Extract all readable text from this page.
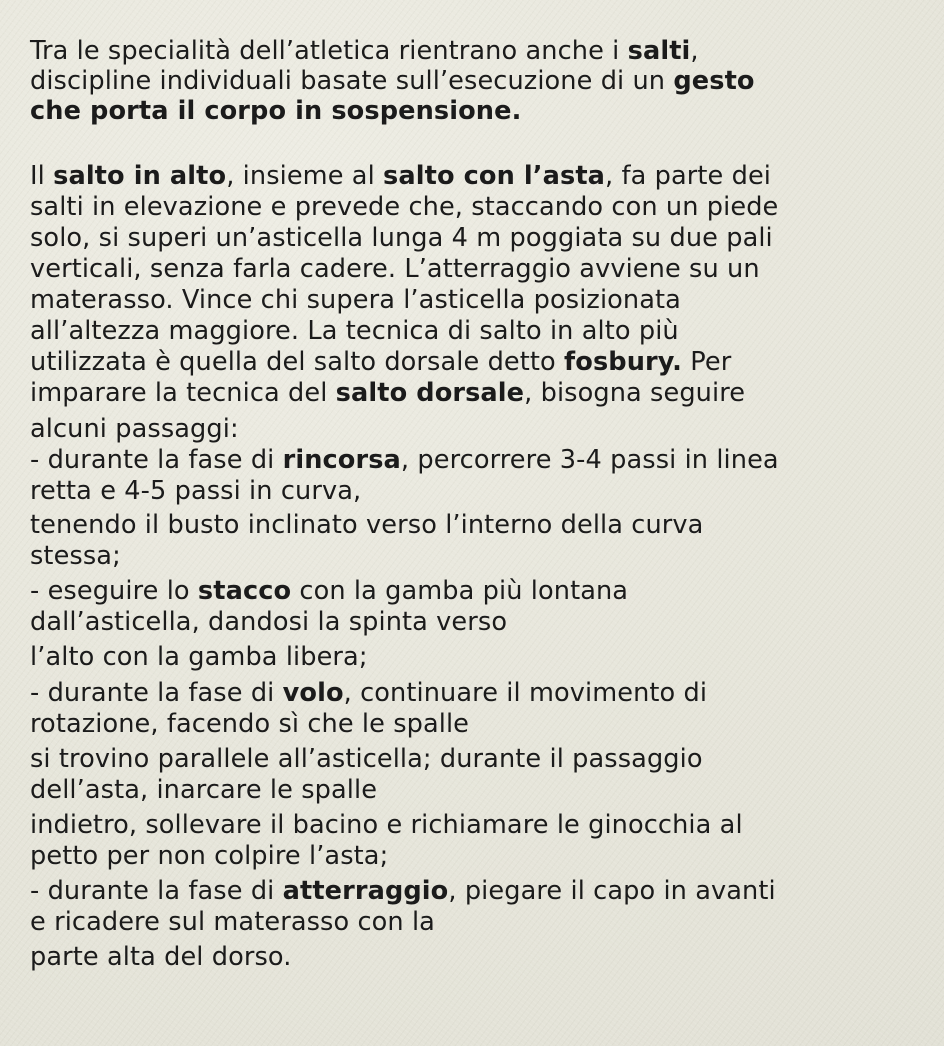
Tra le specialità dell’atletica rientrano anche i salti,
discipline individuali basate sull’esecuzione di un gesto
che porta il corpo in sospensione.
Il salto in alto, insieme al salto con l’asta, fa parte dei
salti in elevazione e prevede che, staccando con un piede
solo, si superi un’asticella lunga 4 m poggiata su due pali
verticali, senza farla cadere. L’atterraggio avviene su un
materasso. Vince chi supera l’asticella posizionata
all’altezza maggiore. La tecnica di salto in alto più
utilizzata è quella del salto dorsale detto fosbury. Per
imparare la tecnica del salto dorsale, bisogna seguire
alcuni passaggi:
- durante la fase di rincorsa, percorrere 3-4 passi in linea
retta e 4-5 passi in curva,
tenendo il busto inclinato verso l’interno della curva
stessa;
- eseguire lo stacco con la gamba più lontana
dall’asticella, dandosi la spinta verso
l’alto con la gamba libera;
- durante la fase di volo, continuare il movimento di
rotazione, facendo sì che le spalle
si trovino parallele all’asticella; durante il passaggio
dell’asta, inarcare le spalle
indietro, sollevare il bacino e richiamare le ginocchia al
petto per non colpire l’asta;
- durante la fase di atterraggio, piegare il capo in avanti
e ricadere sul materasso con la
parte alta del dorso.
